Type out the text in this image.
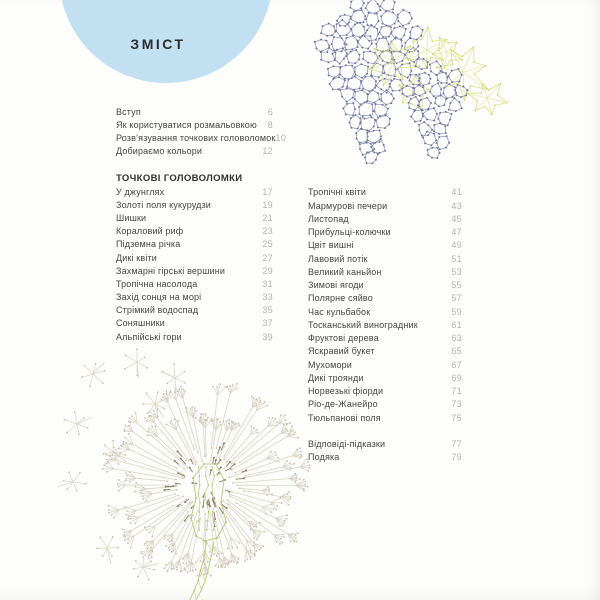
ЗМІСТ
Вступ	6
Як користуватися розмальовкою 8
Розв’язування точкових головоломок 10
Добираємо кольори	12
ТОЧКОВІ ГОЛОВОЛОМКИ
У джунглях	17
Золоті поля кукурудзи	19
Шишки	21
Кораловий риф	23
Підземна річка	25
Дикі квіти	27
Захмарні гірські вершини	29
Тропічна насолода	31
Захід сонця на морі	33
Стрімкий водоспад	35
Соняшники	37
Альпійські гори	39
Тропічні квіти	41
Мармурові печери	43
Листопад	45
Прибульці-колючки	47
Цвіт вишні	49
Лавовий потік	51
Великий каньйон	53
Зимові ягоди	55
Полярне сяйво	57
Час кульбабок	59
Тосканський виноградник	61
Фруктові дерева	63
Яскравий букет	65
Мухомори	67
Дикі троянди	69
Норвезькі фіорди	71
Ріо-де-Жанейро	73
Тюльпанові поля	75
Відповіді-підказки	77
Подяка	79
